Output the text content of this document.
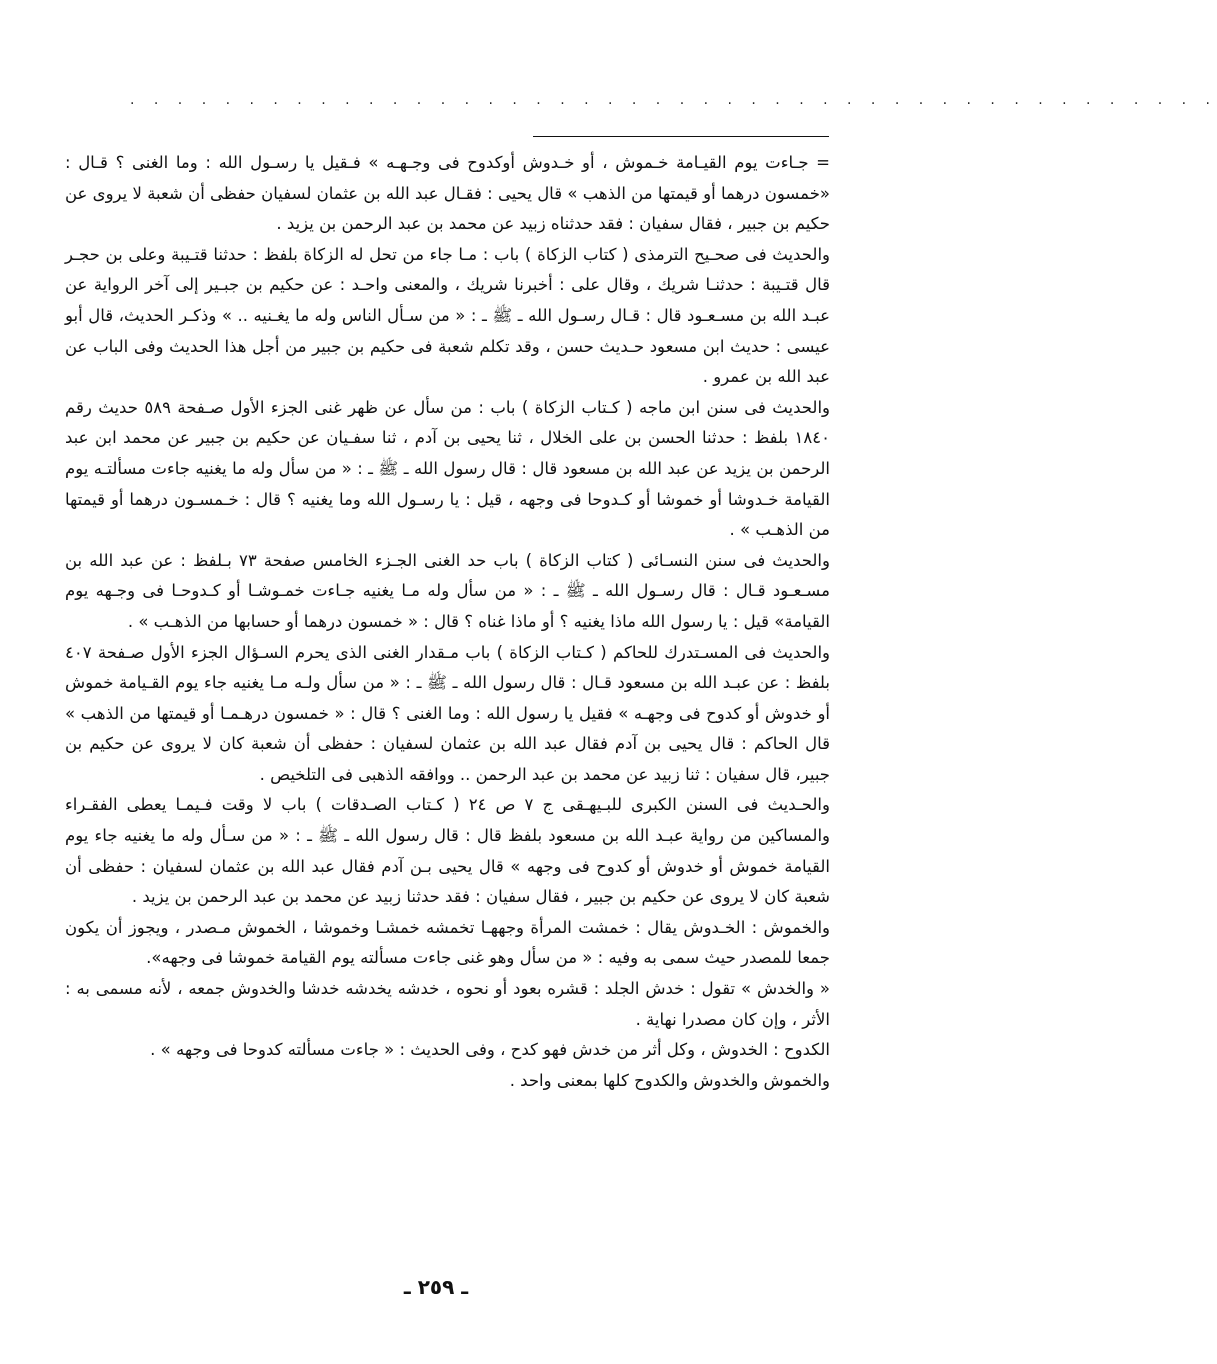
. . . . . . . . . . . . . . . . . . . . . . . . . . . . . . . . . . . . . . . . . . . . . .

= جـاءت يوم القيـامة خـموش ، أو خـدوش أوكدوح فى وجـهـه » فـقيل يا رسـول الله : وما الغنى ؟ قـال : «خمسون درهما أو قيمتها من الذهب » قال يحيى : فقـال عبد الله بن عثمان لسفيان حفظى أن شعبة لا يروى عن حكيم بن جبير ، فقال سفيان : فقد حدثناه زبيد عن محمد بن عبد الرحمن بن يزيد .

والحديث فى صحـيح الترمذى ( كتاب الزكاة ) باب : مـا جاء من تحل له الزكاة بلفظ : حدثنا قتـيبة وعلى بن حجـر قال قتـيبة : حدثنـا شريك ، وقال على : أخبرنا شريك ، والمعنى واحـد : عن حكيم بن جبـير إلى آخر الرواية عن عبـد الله بن مسـعـود قال : قـال رسـول الله ـ ﷺ ـ : « من سـأل الناس وله ما يغـنيه .. » وذكـر الحديث، قال أبو عيسى : حديث ابن مسعود حـديث حسن ، وقد تكلم شعبة فى حكيم بن جبير من أجل هذا الحديث وفى الباب عن عبد الله بن عمرو .

والحديث فى سنن ابن ماجه ( كـتاب الزكاة ) باب : من سأل عن ظهر غنى الجزء الأول صـفحة ٥٨٩ حديث رقم ١٨٤٠ بلفظ : حدثنا الحسن بن على الخلال ، ثنا يحيى بن آدم ، ثنا سفـيان عن حكيم بن جبير عن محمد ابن عبد الرحمن بن يزيد عن عبد الله بن مسعود قال : قال رسول الله ـ ﷺ ـ : « من سأل وله ما يغنيه جاءت مسألتـه يوم القيامة خـدوشا أو خموشا أو كـدوحا فى وجهه ، قيل : يا رسـول الله وما يغنيه ؟ قال : خـمسـون درهما أو قيمتها من الذهـب » .

والحديث فى سنن النسـائى ( كتاب الزكاة ) باب حد الغنى الجـزء الخامس صفحة ٧٣ بـلفظ : عن عبد الله بن مسـعـود قـال : قال رسـول الله ـ ﷺ ـ : « من سأل وله مـا يغنيه جـاءت خمـوشـا أو كـدوحـا فى وجـهه يوم القيامة» قيل : يا رسول الله ماذا يغنيه ؟ أو ماذا غناه ؟ قال : « خمسون درهما أو حسابها من الذهـب » .

والحديث فى المسـتدرك للحاكم ( كـتاب الزكاة ) باب مـقدار الغنى الذى يحرم السـؤال الجزء الأول صـفحة ٤٠٧ بلفظ : عن عبـد الله بن مسعود قـال : قال رسول الله ـ ﷺ ـ : « من سأل ولـه مـا يغنيه جاء يوم القـيامة خموش أو خدوش أو كدوح فى وجهـه » فقيل يا رسول الله : وما الغنى ؟ قال : « خمسون درهـمـا أو قيمتها من الذهب » قال الحاكم : قال يحيى بن آدم فقال عبد الله بن عثمان لسفيان : حفظى أن شعبة كان لا يروى عن حكيم بن جبير، قال سفيان : ثنا زبيد عن محمد بن عبد الرحمن .. ووافقه الذهبى فى التلخيص .

والحـديث فى السنن الكبرى للبـيهـقى ج ٧ ص ٢٤ ( كـتاب الصـدقات ) باب لا وقت فـيمـا يعطى الفقـراء والمساكين من رواية عبـد الله بن مسعود بلفظ قال : قال رسول الله ـ ﷺ ـ : « من سـأل وله ما يغنيه جاء يوم القيامة خموش أو خدوش أو كدوح فى وجهه » قال يحيى بـن آدم فقال عبد الله بن عثمان لسفيان : حفظى أن شعبة كان لا يروى عن حكيم بن جبير ، فقال سفيان : فقد حدثنا زبيد عن محمد بن عبد الرحمن بن يزيد .

والخموش : الخـدوش يقال : خمشت المرأة وجههـا تخمشه خمشـا وخموشا ، الخموش مـصدر ، ويجوز أن يكون جمعا للمصدر حيث سمى به وفيه : « من سأل وهو غنى جاءت مسألته يوم القيامة خموشا فى وجهه».

« والخدش » تقول : خدش الجلد : قشره بعود أو نحوه ، خدشه يخدشه خدشا والخدوش جمعه ، لأنه مسمى به : الأثر ، وإن كان مصدرا نهاية .

الكدوح : الخدوش ، وكل أثر من خدش فهو كدح ، وفى الحديث : « جاءت مسألته كدوحا فى وجهه » .

والخموش والخدوش والكدوح كلها بمعنى واحد .

ـ ٢٥٩ ـ
